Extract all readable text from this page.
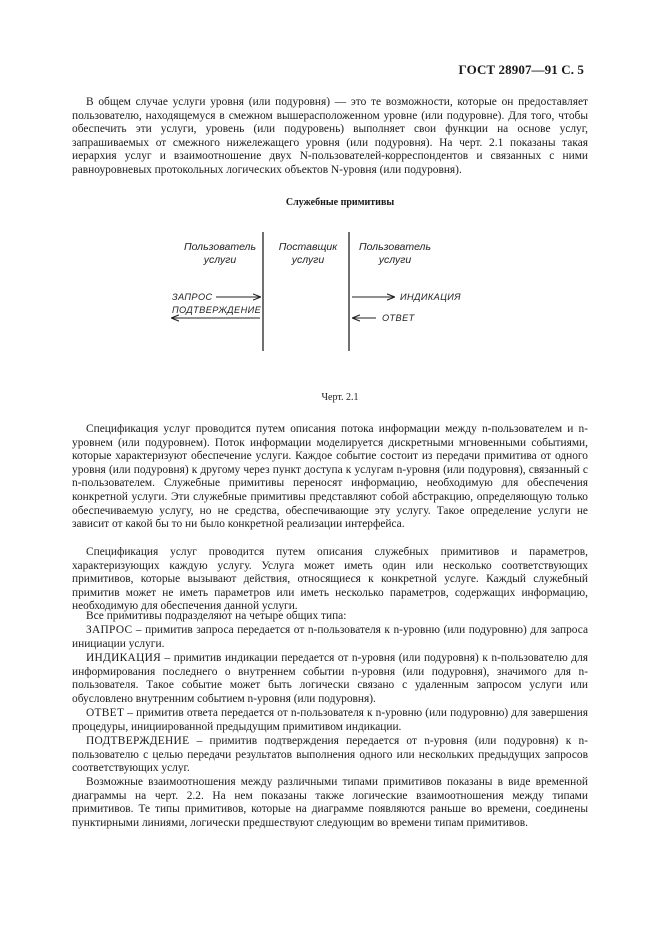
ГОСТ 28907—91 С. 5

В общем случае услуги уровня (или подуровня) — это те возможности, которые он предоставляет пользователю, находящемуся в смежном вышерасположенном уровне (или подуровне). Для того, чтобы обеспечить эти услуги, уровень (или подуровень) выполняет свои функции на основе услуг, запрашиваемых от смежного нижележащего уровня (или подуровня). На черт. 2.1 показаны такая иерархия услуг и взаимоотношение двух N-пользователей-корреспондентов и связанных с ними равноуровневых протокольных логических объектов N-уровня (или подуровня).

Служебные примитивы
Пользователь
услуги
Поставщик
услуги
Пользователь
услуги
ЗАПРОС
ПОДТВЕРЖДЕНИЕ
ИНДИКАЦИЯ
ОТВЕТ
Черт. 2.1

Спецификация услуг проводится путем описания потока информации между n-пользователем и n-уровнем (или подуровнем). Поток информации моделируется дискретными мгновенными событиями, которые характеризуют обеспечение услуги. Каждое событие состоит из передачи примитива от одного уровня (или подуровня) к другому через пункт доступа к услугам n-уровня (или подуровня), связанный с n-пользователем. Служебные примитивы переносят информацию, необходимую для обеспечения конкретной услуги. Эти служебные примитивы представляют собой абстракцию, определяющую только обеспечиваемую услугу, но не средства, обеспечивающие эту услугу. Такое определение услуги не зависит от какой бы то ни было конкретной реализации интерфейса.

Спецификация услуг проводится путем описания служебных примитивов и параметров, характеризующих каждую услугу. Услуга может иметь один или несколько соответствующих примитивов, которые вызывают действия, относящиеся к конкретной услуге. Каждый служебный примитив может не иметь параметров или иметь несколько параметров, содержащих информацию, необходимую для обеспечения данной услуги.

Все примитивы подразделяют на четыре общих типа:

ЗАПРОС – примитив запроса передается от n-пользователя к n-уровню (или подуровню) для запроса инициации услуги.

ИНДИКАЦИЯ – примитив индикации передается от n-уровня (или подуровня) к n-пользователю для информирования последнего о внутреннем событии n-уровня (или подуровня), значимого для n-пользователя. Такое событие может быть логически связано с удаленным запросом услуги или обусловлено внутренним событием n-уровня (или подуровня).

ОТВЕТ – примитив ответа передается от n-пользователя к n-уровню (или подуровню) для завершения процедуры, инициированной предыдущим примитивом индикации.

ПОДТВЕРЖДЕНИЕ – примитив подтверждения передается от n-уровня (или подуровня) к n-пользователю с целью передачи результатов выполнения одного или нескольких предыдущих запросов соответствующих услуг.

Возможные взаимоотношения между различными типами примитивов показаны в виде временной диаграммы на черт. 2.2. На нем показаны также логические взаимоотношения между типами примитивов. Те типы примитивов, которые на диаграмме появляются раньше во времени, соединены пунктирными линиями, логически предшествуют следующим во времени типам примитивов.
